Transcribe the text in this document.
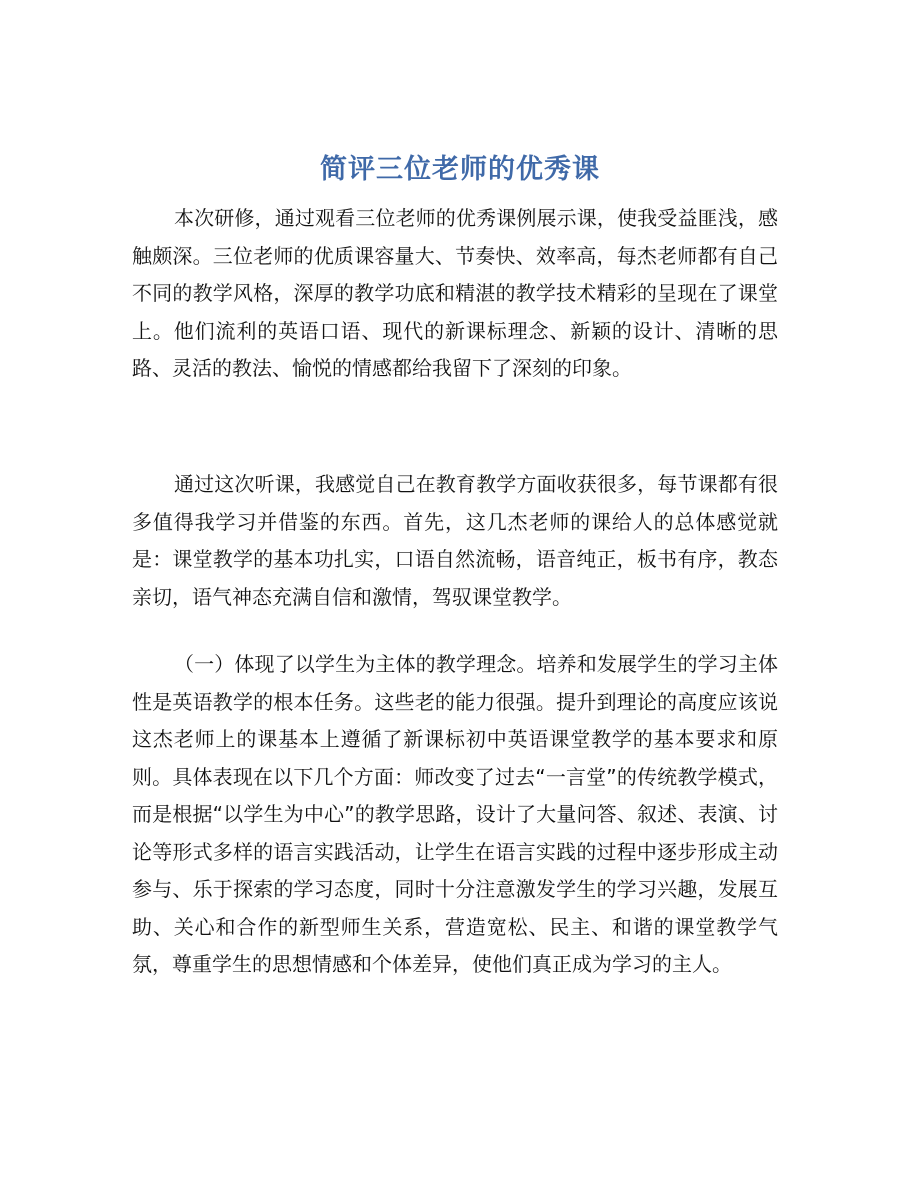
简评三位老师的优秀课

本次研修，通过观看三位老师的优秀课例展示课，使我受益匪浅，感触颇深。三位老师的优质课容量大、节奏快、效率高，每杰老师都有自己不同的教学风格，深厚的教学功底和精湛的教学技术精彩的呈现在了课堂上。他们流利的英语口语、现代的新课标理念、新颖的设计、清晰的思路、灵活的教法、愉悦的情感都给我留下了深刻的印象。

通过这次听课，我感觉自己在教育教学方面收获很多，每节课都有很多值得我学习并借鉴的东西。首先，这几杰老师的课给人的总体感觉就是：课堂教学的基本功扎实，口语自然流畅，语音纯正，板书有序，教态亲切，语气神态充满自信和激情，驾驭课堂教学。

（一）体现了以学生为主体的教学理念。培养和发展学生的学习主体性是英语教学的根本任务。这些老的能力很强。提升到理论的高度应该说这杰老师上的课基本上遵循了新课标初中英语课堂教学的基本要求和原则。具体表现在以下几个方面：师改变了过去“一言堂”的传统教学模式，而是根据“以学生为中心”的教学思路，设计了大量问答、叙述、表演、讨论等形式多样的语言实践活动，让学生在语言实践的过程中逐步形成主动参与、乐于探索的学习态度，同时十分注意激发学生的学习兴趣，发展互助、关心和合作的新型师生关系，营造宽松、民主、和谐的课堂教学气氛，尊重学生的思想情感和个体差异，使他们真正成为学习的主人。
